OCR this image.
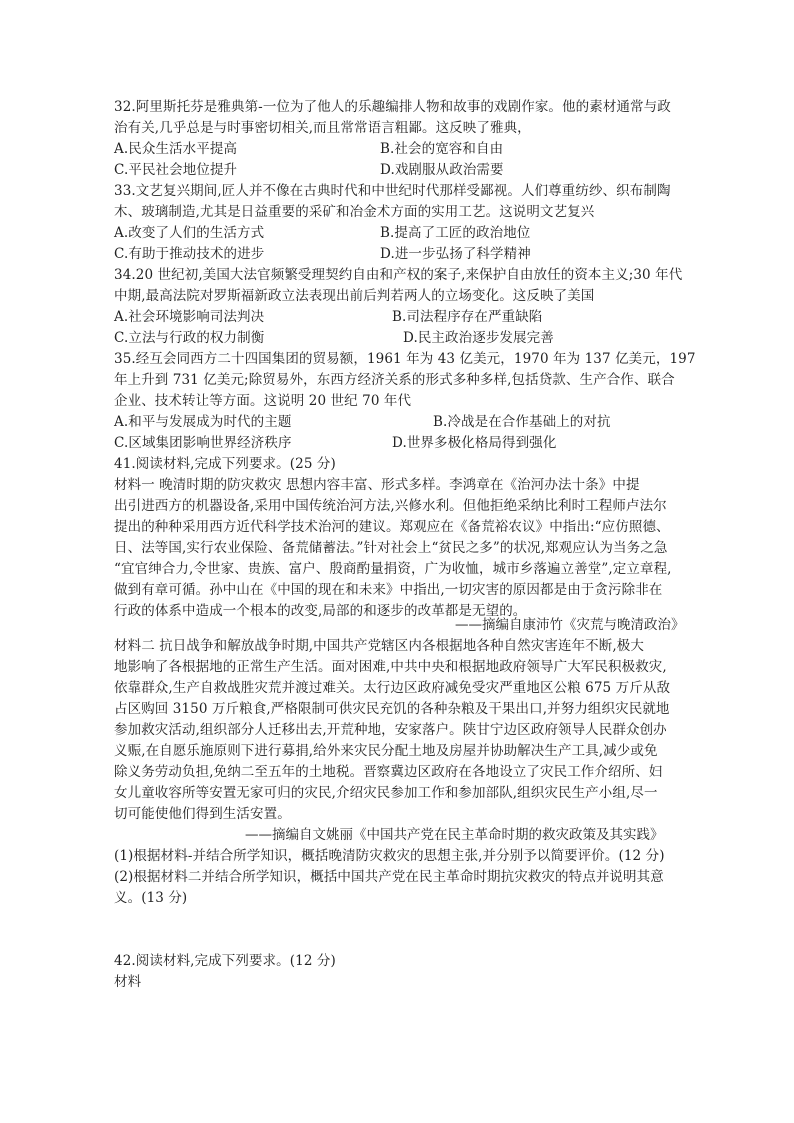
32.阿里斯托芬是雅典第-一位为了他人的乐趣编排人物和故事的戏剧作家。他的素材通常与政
治有关,几乎总是与时事密切相关,而且常常语言粗鄙。这反映了雅典，
A.民众生活水平提高	B.社会的宽容和自由
C.平民社会地位提升	D.戏剧服从政治需要
33.文艺复兴期间,匠人并不像在古典时代和中世纪时代那样受鄙视。人们尊重纺纱、织布制陶
木、玻璃制造,尤其是日益重要的采矿和冶金术方面的实用工艺。这说明文艺复兴
A.改变了人们的生活方式	B.提高了工匠的政治地位
C.有助于推动技术的进步	D.进一步弘扬了科学精神
34.20 世纪初,美国大法官频繁受理契约自由和产权的案子,来保护自由放任的资本主义;30 年代
中期,最高法院对罗斯福新政立法表现出前后判若两人的立场变化。这反映了美国
A.社会环境影响司法判决	B.司法程序存在严重缺陷
C.立法与行政的权力制衡	D.民主政治逐步发展完善
35.经互会同西方二十四国集团的贸易额，1961 年为 43 亿美元，1970 年为 137 亿美元，197
年上升到 731 亿美元;除贸易外，东西方经济关系的形式多种多样,包括贷款、生产合作、联合
企业、技术转让等方面。这说明 20 世纪 70 年代
A.和平与发展成为时代的主题	B.冷战是在合作基础上的对抗
C.区域集团影响世界经济秩序	D.世界多极化格局得到强化
41.阅读材料,完成下列要求。(25 分)
材料一 晚清时期的防灾救灾 思想内容丰富、形式多样。李鸿章在《治河办法十条》中提
出引进西方的机器设备,采用中国传统治河方法,兴修水利。但他拒绝采纳比利时工程师卢法尔
提出的种种采用西方近代科学技术治河的建议。郑观应在《备荒裕农议》中指出:“应仿照德、
日、法等国,实行农业保险、备荒储蓄法。”针对社会上“贫民之多”的状况,郑观应认为当务之急
“宜官绅合力,令世家、贵族、富户、殷商酌量捐资，广为收恤，城市乡落遍立善堂”,定立章程,
做到有章可循。孙中山在《中国的现在和未来》中指出,一切灾害的原因都是由于贪污除非在
行政的体系中造成一个根本的改变,局部的和逐步的改革都是无望的。
——摘编自康沛竹《灾荒与晚清政治》
材料二 抗日战争和解放战争时期,中国共产党辖区内各根据地各种自然灾害连年不断,极大
地影响了各根据地的正常生产生活。面对困难,中共中央和根据地政府领导广大军民积极救灾,
依靠群众,生产自救战胜灾荒并渡过难关。太行边区政府减免受灾严重地区公粮 675 万斤从敌
占区购回 3150 万斤粮食,严格限制可供灾民充饥的各种杂粮及干果出口,并努力组织灾民就地
参加救灾活动,组织部分人迁移出去,开荒种地，安家落户。陕甘宁边区政府领导人民群众创办
义赈,在自愿乐施原则下进行募捐,给外来灾民分配土地及房屋并协助解决生产工具,减少或免
除义务劳动负担,免纳二至五年的土地税。晋察冀边区政府在各地设立了灾民工作介绍所、妇
女儿童收容所等安置无家可归的灾民,介绍灾民参加工作和参加部队,组织灾民生产小组,尽一
切可能使他们得到生活安置。
——摘编自文姚丽《中国共产党在民主革命时期的救灾政策及其实践》
(1)根据材料-并结合所学知识，概括晚清防灾救灾的思想主张,并分别予以简要评价。(12 分)
(2)根据材料二并结合所学知识，概括中国共产党在民主革命时期抗灾救灾的特点并说明其意
义。(13 分)
42.阅读材料,完成下列要求。(12 分)
材料
